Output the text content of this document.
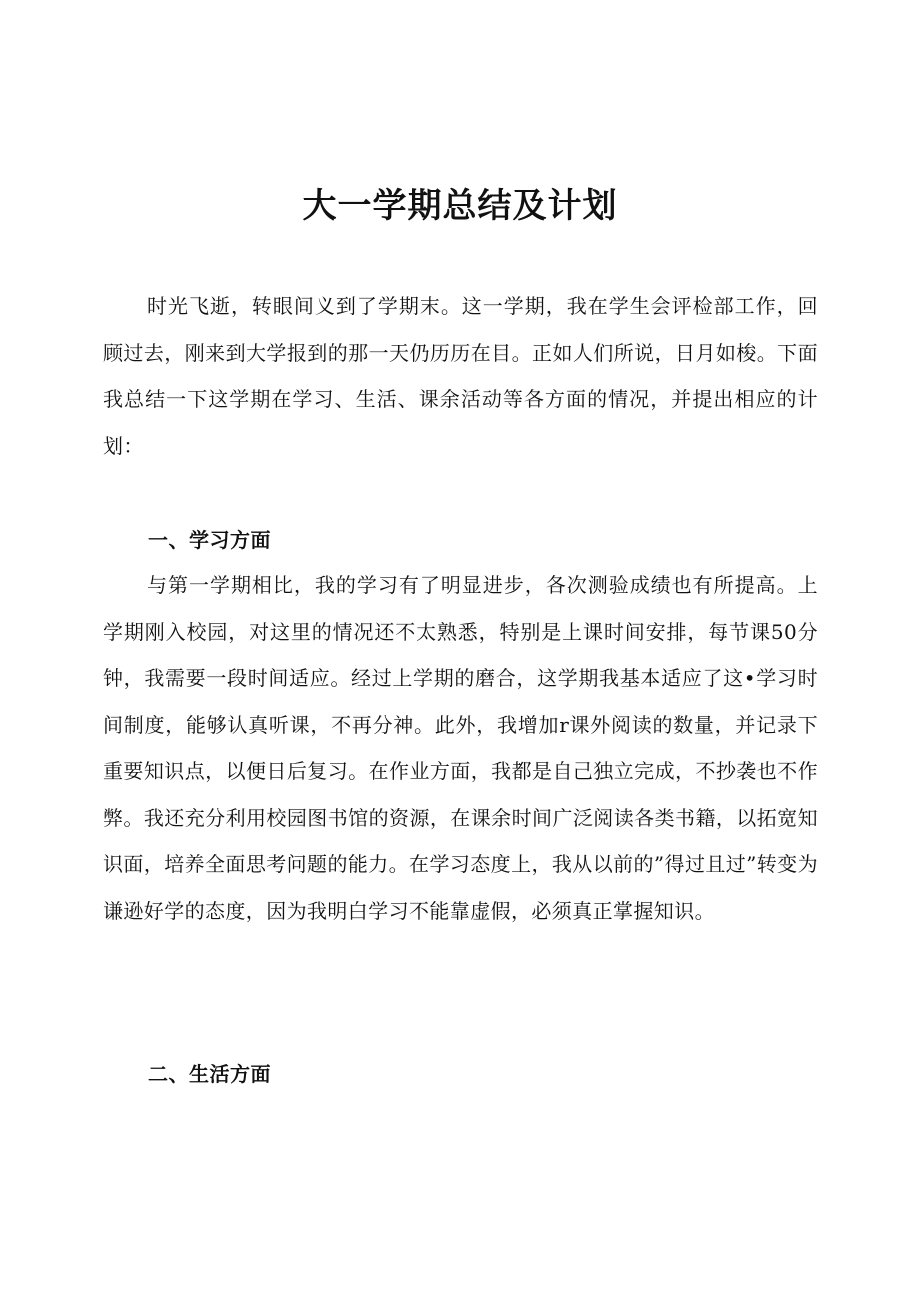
大一学期总结及计划

时光飞逝，转眼间义到了学期末。这一学期，我在学生会评检部工作，回顾过去，刚来到大学报到的那一天仍历历在目。正如人们所说，日月如梭。下面我总结一下这学期在学习、生活、课余活动等各方面的情况，并提出相应的计划：

一、学习方面

与第一学期相比，我的学习有了明显进步，各次测验成绩也有所提高。上学期刚入校园，对这里的情况还不太熟悉，特别是上课时间安排，每节课50分钟，我需要一段时间适应。经过上学期的磨合，这学期我基本适应了这•学习时间制度，能够认真听课，不再分神。此外，我增加r课外阅读的数量，并记录下重要知识点，以便日后复习。在作业方面，我都是自己独立完成，不抄袭也不作弊。我还充分利用校园图书馆的资源，在课余时间广泛阅读各类书籍，以拓宽知识面，培养全面思考问题的能力。在学习态度上，我从以前的”得过且过”转变为谦逊好学的态度，因为我明白学习不能靠虚假，必须真正掌握知识。

二、生活方面
